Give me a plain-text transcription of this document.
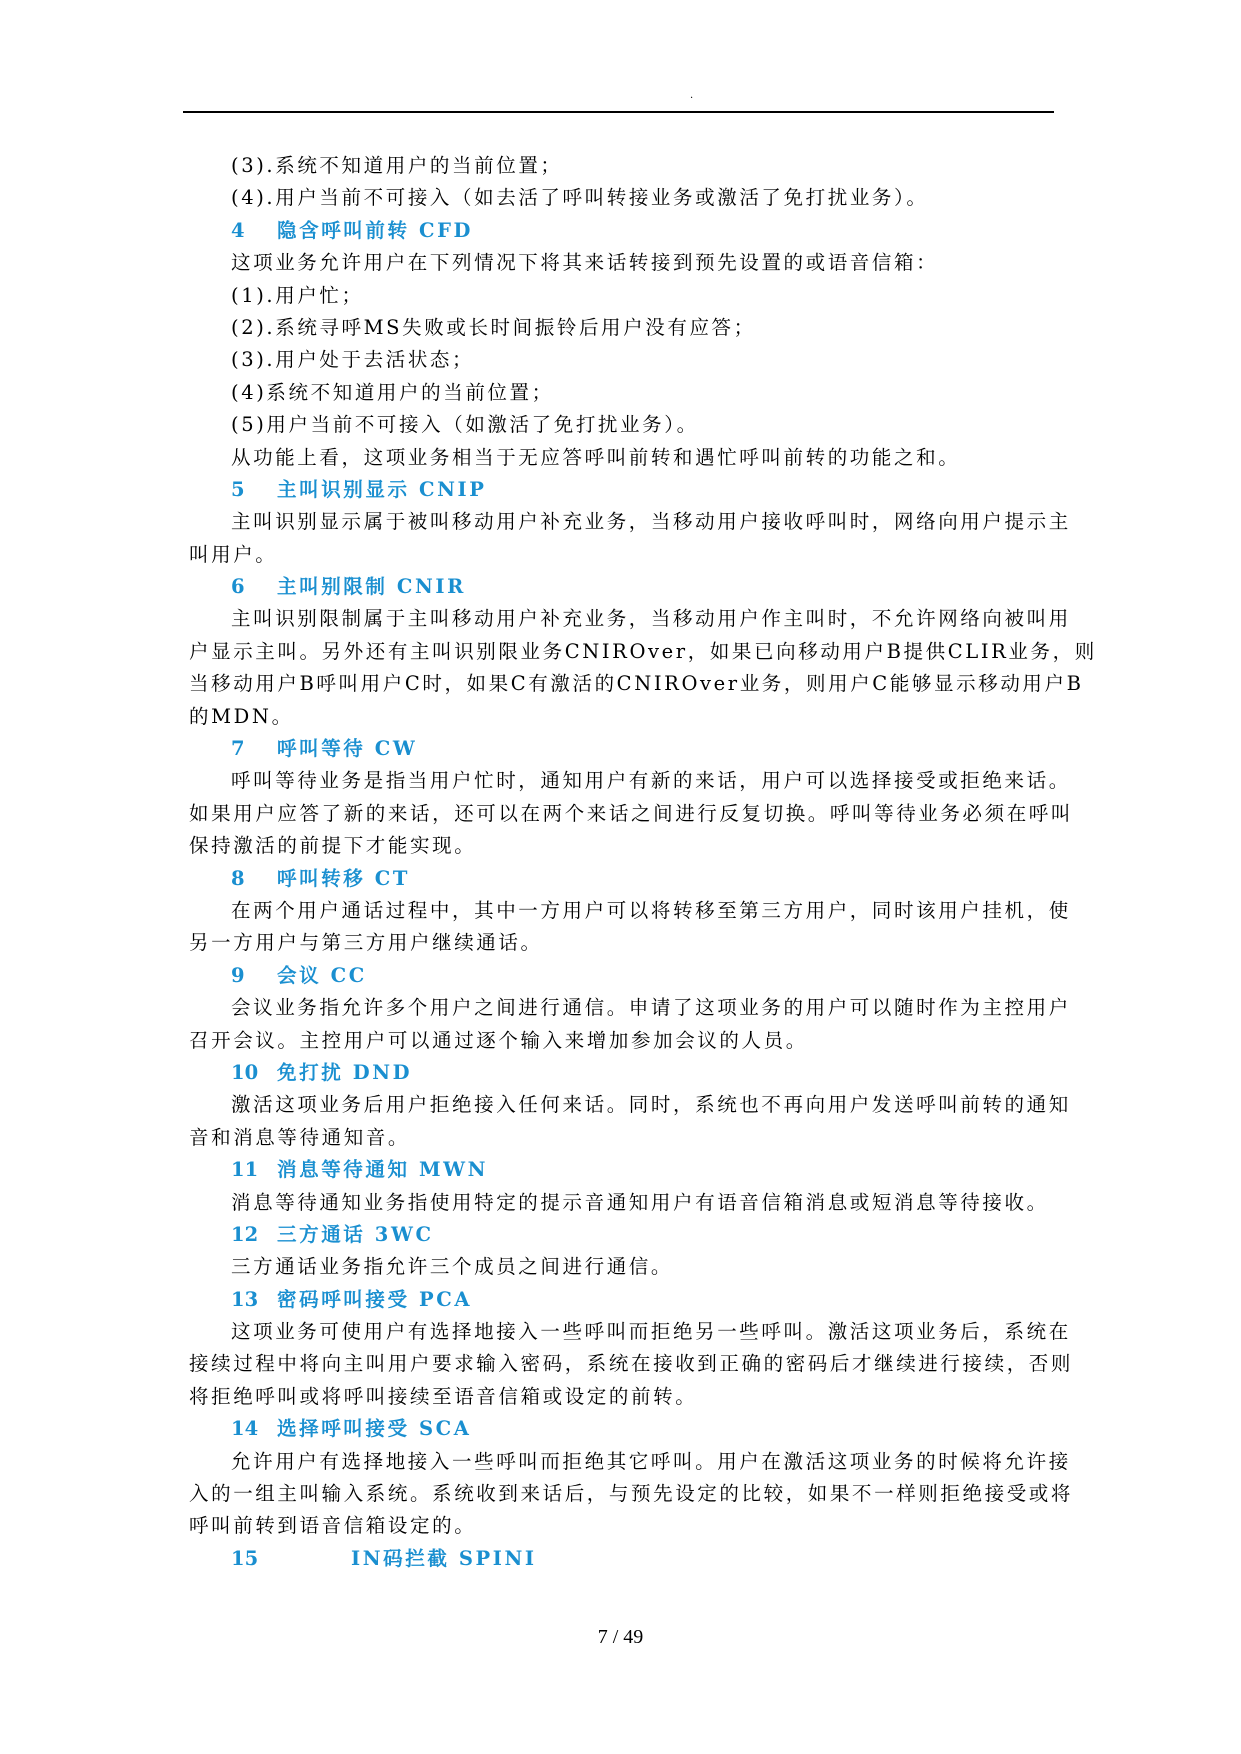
.
(3).系统不知道用户的当前位置；
(4).用户当前不可接入（如去活了呼叫转接业务或激活了免打扰业务）。
4 隐含呼叫前转 CFD
这项业务允许用户在下列情况下将其来话转接到预先设置的或语音信箱：
(1).用户忙；
(2).系统寻呼MS失败或长时间振铃后用户没有应答；
(3).用户处于去活状态；
(4)系统不知道用户的当前位置；
(5)用户当前不可接入（如激活了免打扰业务）。
从功能上看，这项业务相当于无应答呼叫前转和遇忙呼叫前转的功能之和。
5 主叫识别显示 CNIP
主叫识别显示属于被叫移动用户补充业务，当移动用户接收呼叫时，网络向用户提示主
叫用户。
6 主叫别限制 CNIR
主叫识别限制属于主叫移动用户补充业务，当移动用户作主叫时，不允许网络向被叫用
户显示主叫。另外还有主叫识别限业务CNIROver，如果已向移动用户B提供CLIR业务，则
当移动用户B呼叫用户C时，如果C有激活的CNIROver业务，则用户C能够显示移动用户B
的MDN。
7 呼叫等待 CW
呼叫等待业务是指当用户忙时，通知用户有新的来话，用户可以选择接受或拒绝来话。
如果用户应答了新的来话，还可以在两个来话之间进行反复切换。呼叫等待业务必须在呼叫
保持激活的前提下才能实现。
8 呼叫转移 CT
在两个用户通话过程中，其中一方用户可以将转移至第三方用户，同时该用户挂机，使
另一方用户与第三方用户继续通话。
9 会议 CC
会议业务指允许多个用户之间进行通信。申请了这项业务的用户可以随时作为主控用户
召开会议。主控用户可以通过逐个输入来增加参加会议的人员。
10 免打扰 DND
激活这项业务后用户拒绝接入任何来话。同时，系统也不再向用户发送呼叫前转的通知
音和消息等待通知音。
11 消息等待通知 MWN
消息等待通知业务指使用特定的提示音通知用户有语音信箱消息或短消息等待接收。
12 三方通话 3WC
三方通话业务指允许三个成员之间进行通信。
13 密码呼叫接受 PCA
这项业务可使用户有选择地接入一些呼叫而拒绝另一些呼叫。激活这项业务后，系统在
接续过程中将向主叫用户要求输入密码，系统在接收到正确的密码后才继续进行接续，否则
将拒绝呼叫或将呼叫接续至语音信箱或设定的前转。
14 选择呼叫接受 SCA
允许用户有选择地接入一些呼叫而拒绝其它呼叫。用户在激活这项业务的时候将允许接
入的一组主叫输入系统。系统收到来话后，与预先设定的比较，如果不一样则拒绝接受或将
呼叫前转到语音信箱设定的。
15	IN码拦截 SPINI
7 / 49
